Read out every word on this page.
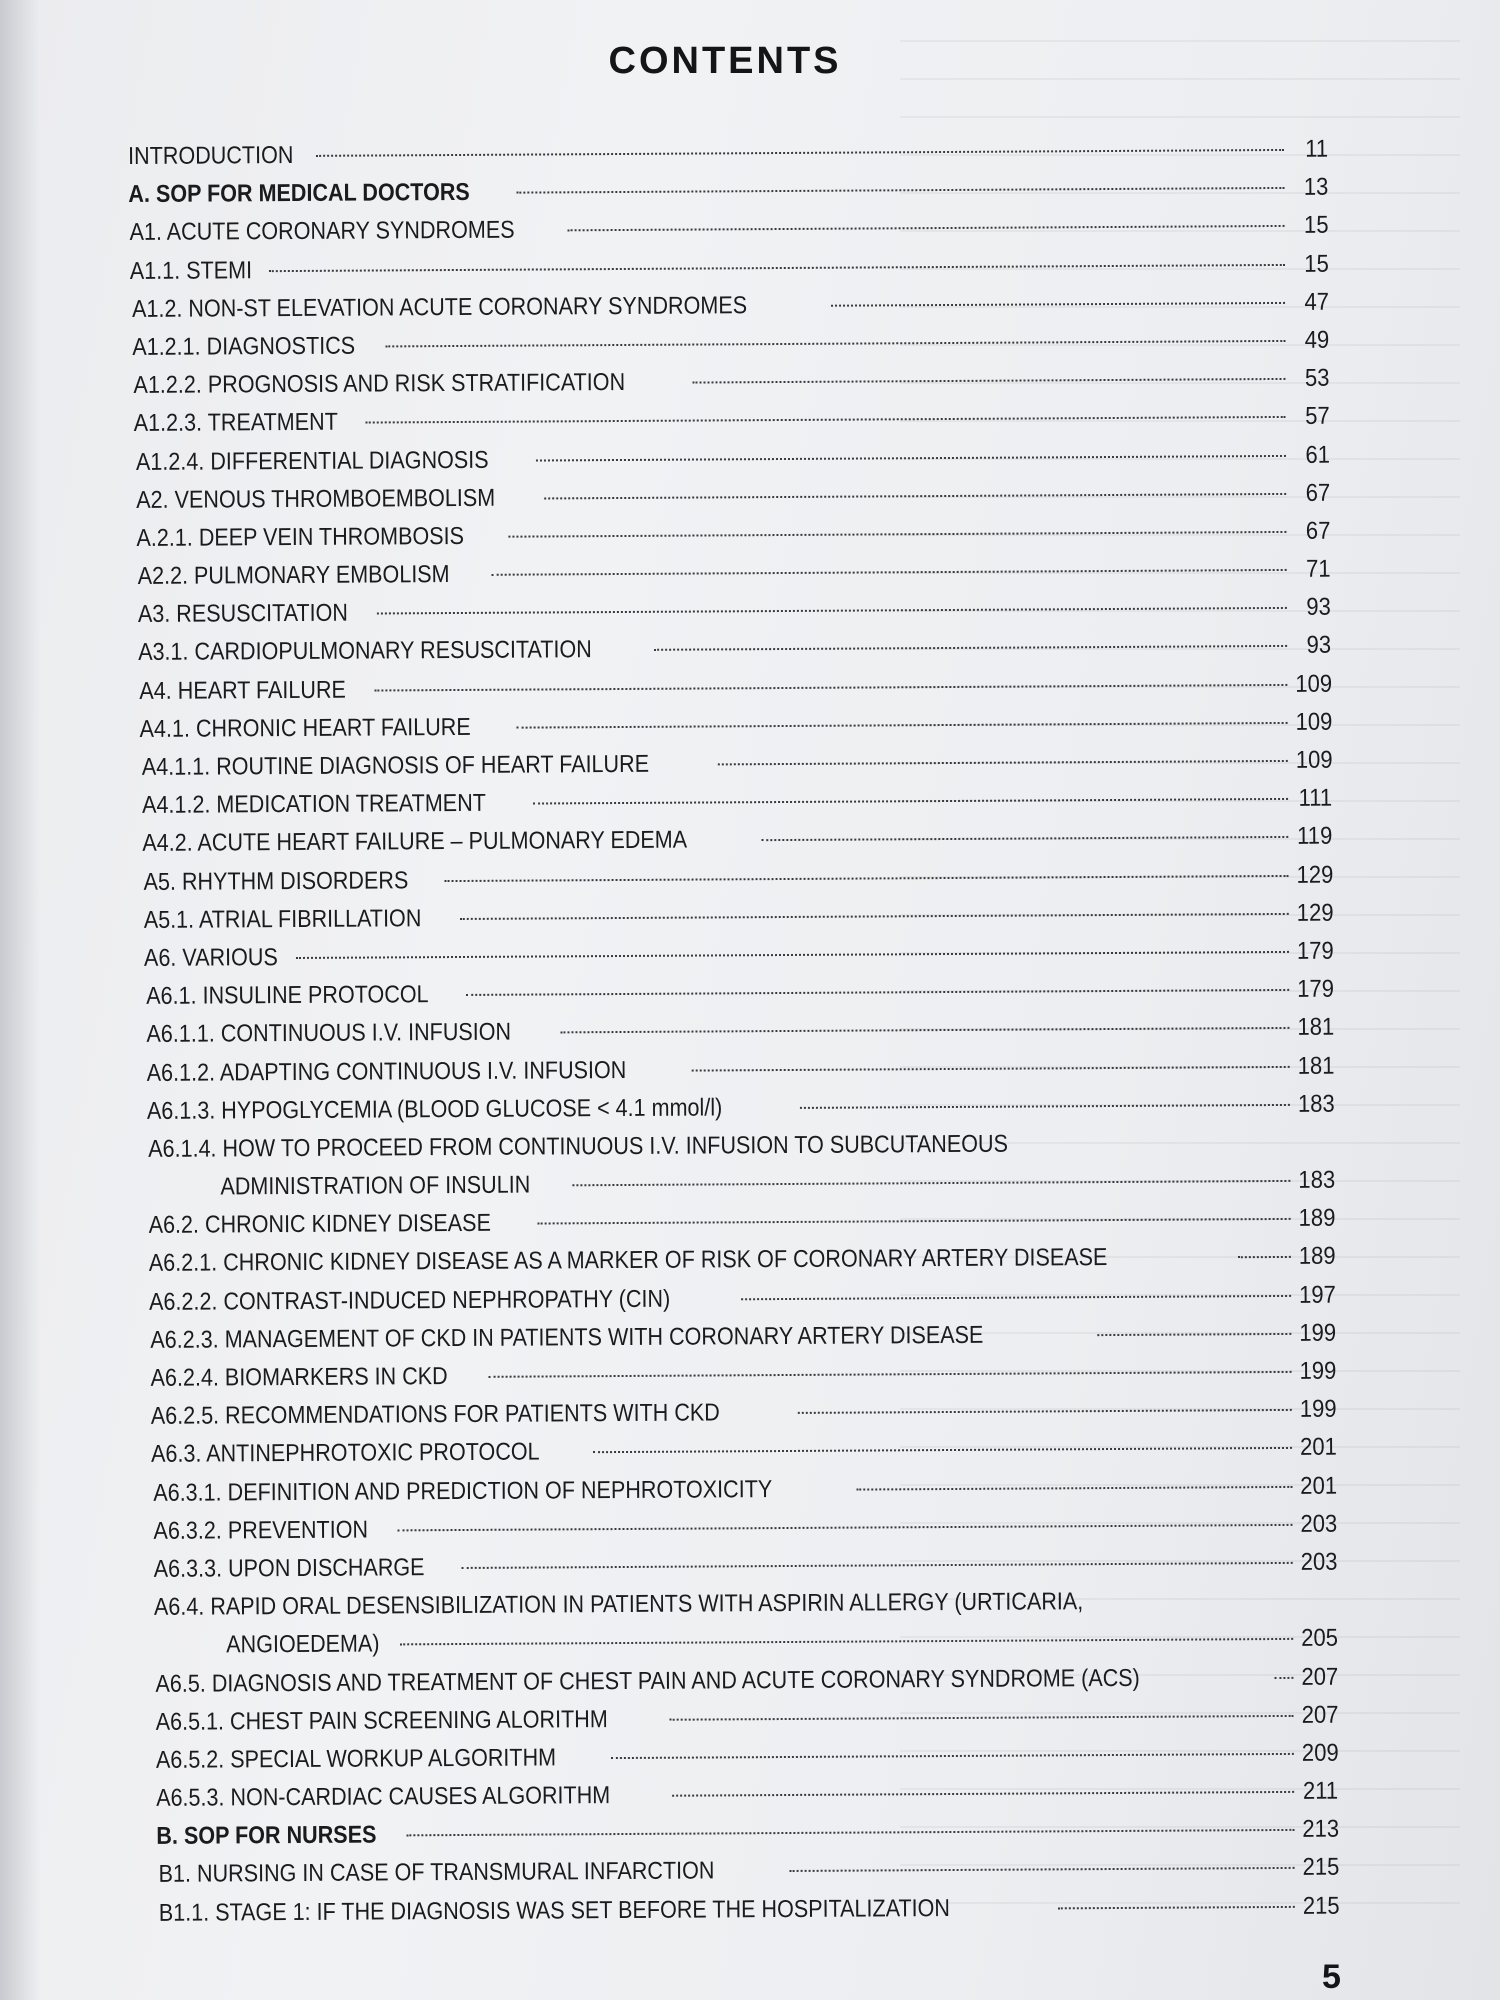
CONTENTS
INTRODUCTION	11
A. SOP FOR MEDICAL DOCTORS	13
A1. ACUTE CORONARY SYNDROMES	15
A1.1. STEMI	15
A1.2. NON-ST ELEVATION ACUTE CORONARY SYNDROMES	47
A1.2.1. DIAGNOSTICS	49
A1.2.2. PROGNOSIS AND RISK STRATIFICATION	53
A1.2.3. TREATMENT	57
A1.2.4. DIFFERENTIAL DIAGNOSIS	61
A2. VENOUS THROMBOEMBOLISM	67
A.2.1. DEEP VEIN THROMBOSIS	67
A2.2. PULMONARY EMBOLISM	71
A3. RESUSCITATION	93
A3.1. CARDIOPULMONARY RESUSCITATION	93
A4. HEART FAILURE	109
A4.1. CHRONIC HEART FAILURE	109
A4.1.1. ROUTINE DIAGNOSIS OF HEART FAILURE	109
A4.1.2. MEDICATION TREATMENT	111
A4.2. ACUTE HEART FAILURE – PULMONARY EDEMA	119
A5. RHYTHM DISORDERS	129
A5.1. ATRIAL FIBRILLATION	129
A6. VARIOUS	179
A6.1. INSULINE PROTOCOL	179
A6.1.1. CONTINUOUS I.V. INFUSION	181
A6.1.2. ADAPTING CONTINUOUS I.V. INFUSION	181
A6.1.3. HYPOGLYCEMIA (BLOOD GLUCOSE < 4.1 mmol/l)	183
A6.1.4. HOW TO PROCEED FROM CONTINUOUS I.V. INFUSION TO SUBCUTANEOUS
ADMINISTRATION OF INSULIN	183
A6.2. CHRONIC KIDNEY DISEASE	189
A6.2.1. CHRONIC KIDNEY DISEASE AS A MARKER OF RISK OF CORONARY ARTERY DISEASE	189
A6.2.2. CONTRAST-INDUCED NEPHROPATHY (CIN)	197
A6.2.3. MANAGEMENT OF CKD IN PATIENTS WITH CORONARY ARTERY DISEASE	199
A6.2.4. BIOMARKERS IN CKD	199
A6.2.5. RECOMMENDATIONS FOR PATIENTS WITH CKD	199
A6.3. ANTINEPHROTOXIC PROTOCOL	201
A6.3.1. DEFINITION AND PREDICTION OF NEPHROTOXICITY	201
A6.3.2. PREVENTION	203
A6.3.3. UPON DISCHARGE	203
A6.4. RAPID ORAL DESENSIBILIZATION IN PATIENTS WITH ASPIRIN ALLERGY (URTICARIA,
ANGIOEDEMA)	205
A6.5. DIAGNOSIS AND TREATMENT OF CHEST PAIN AND ACUTE CORONARY SYNDROME (ACS)	207
A6.5.1. CHEST PAIN SCREENING ALORITHM	207
A6.5.2. SPECIAL WORKUP ALGORITHM	209
A6.5.3. NON-CARDIAC CAUSES ALGORITHM	211
B. SOP FOR NURSES	213
B1. NURSING IN CASE OF TRANSMURAL INFARCTION	215
B1.1. STAGE 1: IF THE DIAGNOSIS WAS SET BEFORE THE HOSPITALIZATION	215
5
